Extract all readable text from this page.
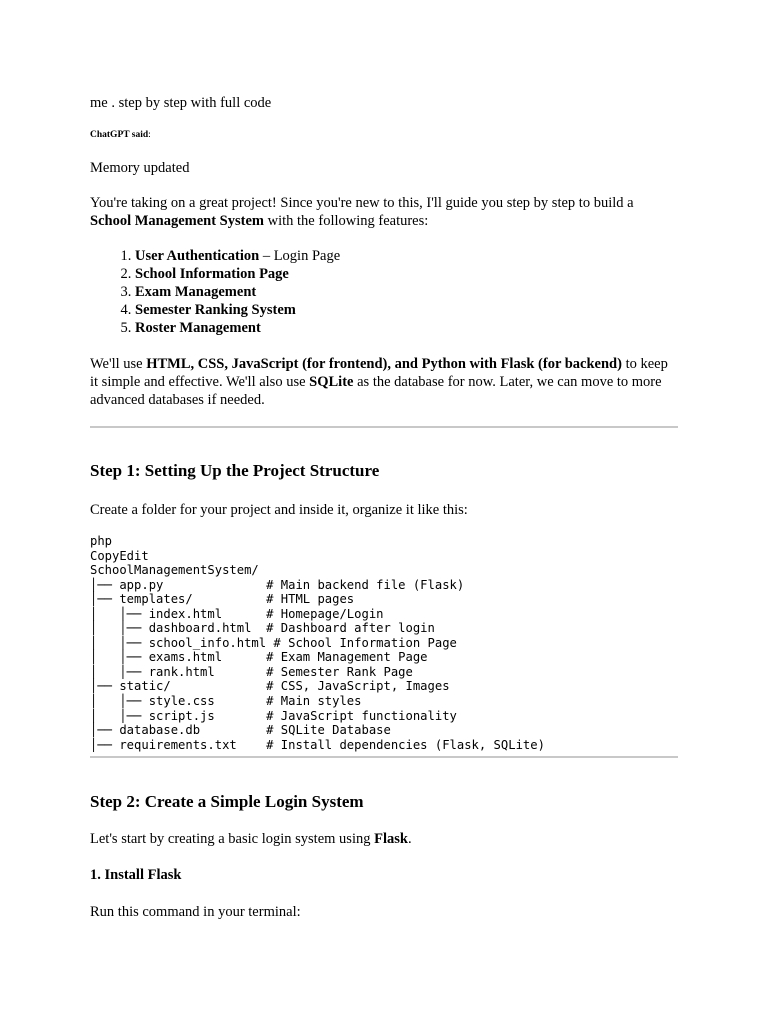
me . step by step with full code
ChatGPT said:
Memory updated
You're taking on a great project! Since you're new to this, I'll guide you step by step to build a School Management System with the following features:
1. User Authentication – Login Page
2. School Information Page
3. Exam Management
4. Semester Ranking System
5. Roster Management
We'll use HTML, CSS, JavaScript (for frontend), and Python with Flask (for backend) to keep it simple and effective. We'll also use SQLite as the database for now. Later, we can move to more advanced databases if needed.
Step 1: Setting Up the Project Structure
Create a folder for your project and inside it, organize it like this:
php
CopyEdit
SchoolManagementSystem/
│── app.py              # Main backend file (Flask)
│── templates/          # HTML pages
│   │── index.html      # Homepage/Login
│   │── dashboard.html  # Dashboard after login
│   │── school_info.html # School Information Page
│   │── exams.html      # Exam Management Page
│   │── rank.html       # Semester Rank Page
│── static/             # CSS, JavaScript, Images
│   │── style.css       # Main styles
│   │── script.js       # JavaScript functionality
│── database.db         # SQLite Database
│── requirements.txt    # Install dependencies (Flask, SQLite)
Step 2: Create a Simple Login System
Let's start by creating a basic login system using Flask.
1. Install Flask
Run this command in your terminal:
